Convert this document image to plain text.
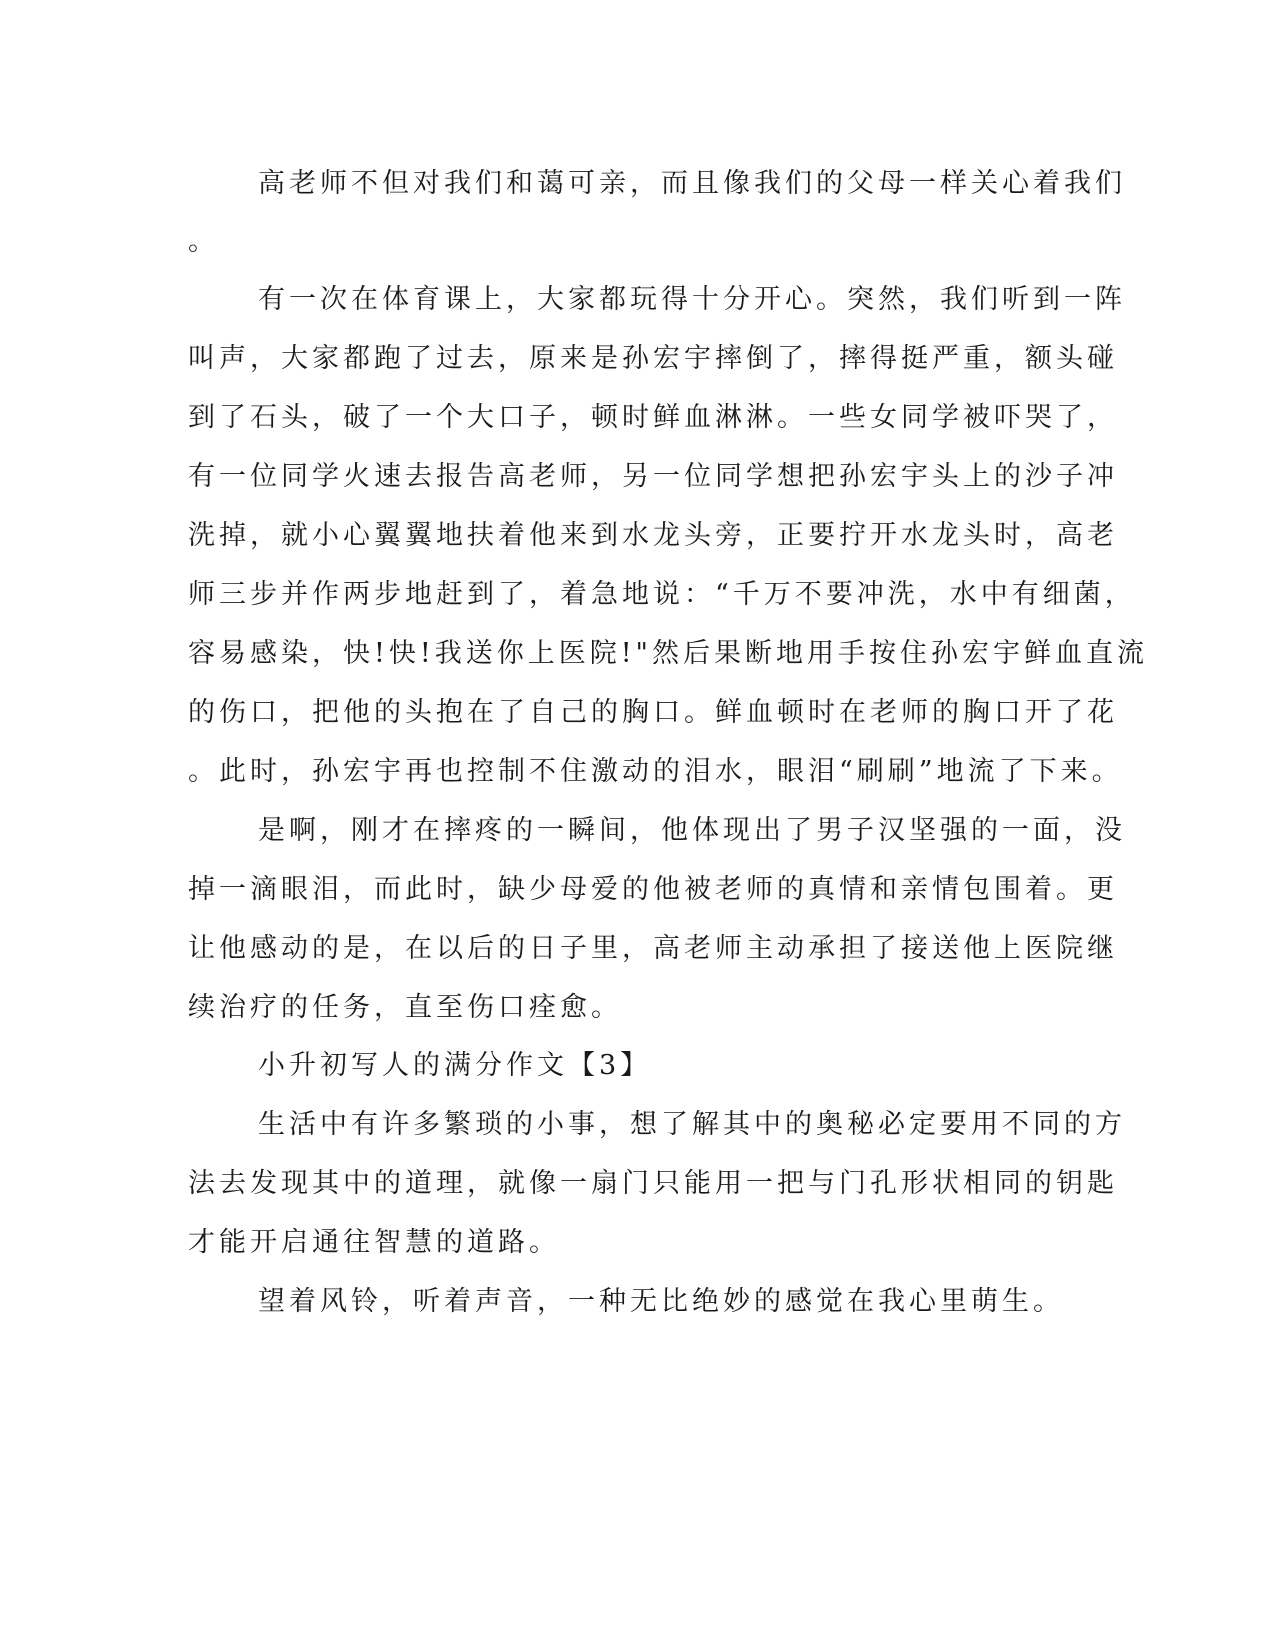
高老师不但对我们和蔼可亲，而且像我们的父母一样关心着我们
。
有一次在体育课上，大家都玩得十分开心。突然，我们听到一阵
叫声，大家都跑了过去，原来是孙宏宇摔倒了，摔得挺严重，额头碰
到了石头，破了一个大口子，顿时鲜血淋淋。一些女同学被吓哭了，
有一位同学火速去报告高老师，另一位同学想把孙宏宇头上的沙子冲
洗掉，就小心翼翼地扶着他来到水龙头旁，正要拧开水龙头时，高老
师三步并作两步地赶到了，着急地说：“千万不要冲洗，水中有细菌，
容易感染，快!快!我送你上医院!"然后果断地用手按住孙宏宇鲜血直流
的伤口，把他的头抱在了自己的胸口。鲜血顿时在老师的胸口开了花
。此时，孙宏宇再也控制不住激动的泪水，眼泪“刷刷”地流了下来。
是啊，刚才在摔疼的一瞬间，他体现出了男子汉坚强的一面，没
掉一滴眼泪，而此时，缺少母爱的他被老师的真情和亲情包围着。更
让他感动的是，在以后的日子里，高老师主动承担了接送他上医院继
续治疗的任务，直至伤口痊愈。
小升初写人的满分作文【3】
生活中有许多繁琐的小事，想了解其中的奥秘必定要用不同的方
法去发现其中的道理，就像一扇门只能用一把与门孔形状相同的钥匙
才能开启通往智慧的道路。
望着风铃，听着声音，一种无比绝妙的感觉在我心里萌生。
